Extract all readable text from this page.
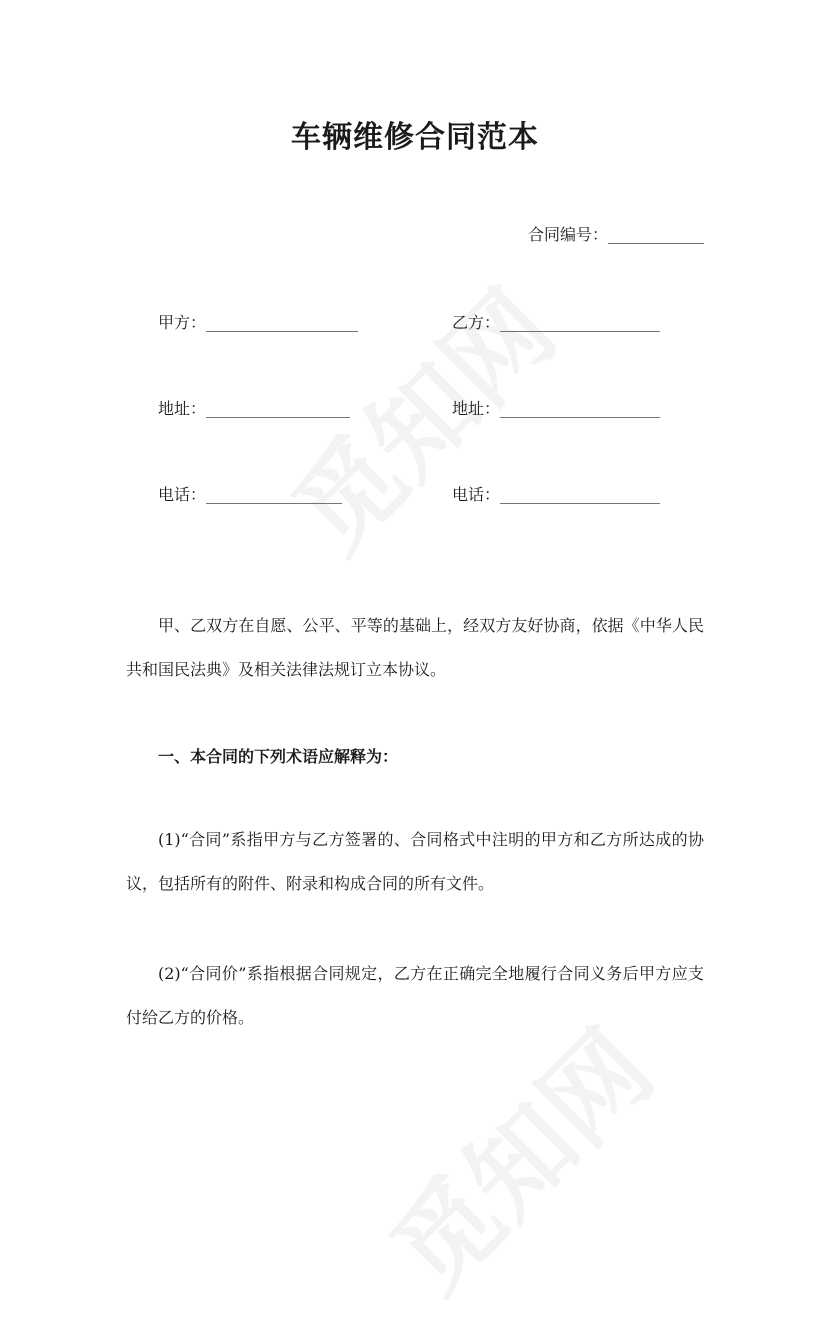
车辆维修合同范本
合同编号：____________
甲方：___________________	乙方：____________________
地址：__________________	地址：____________________
电话：_________________	电话：____________________

甲、乙双方在自愿、公平、平等的基础上，经双方友好协商，依据《中华人民共和国民法典》及相关法律法规订立本协议。

一、本合同的下列术语应解释为：

(1)“合同”系指甲方与乙方签署的、合同格式中注明的甲方和乙方所达成的协议，包括所有的附件、附录和构成合同的所有文件。

(2)“合同价”系指根据合同规定，乙方在正确完全地履行合同义务后甲方应支付给乙方的价格。
